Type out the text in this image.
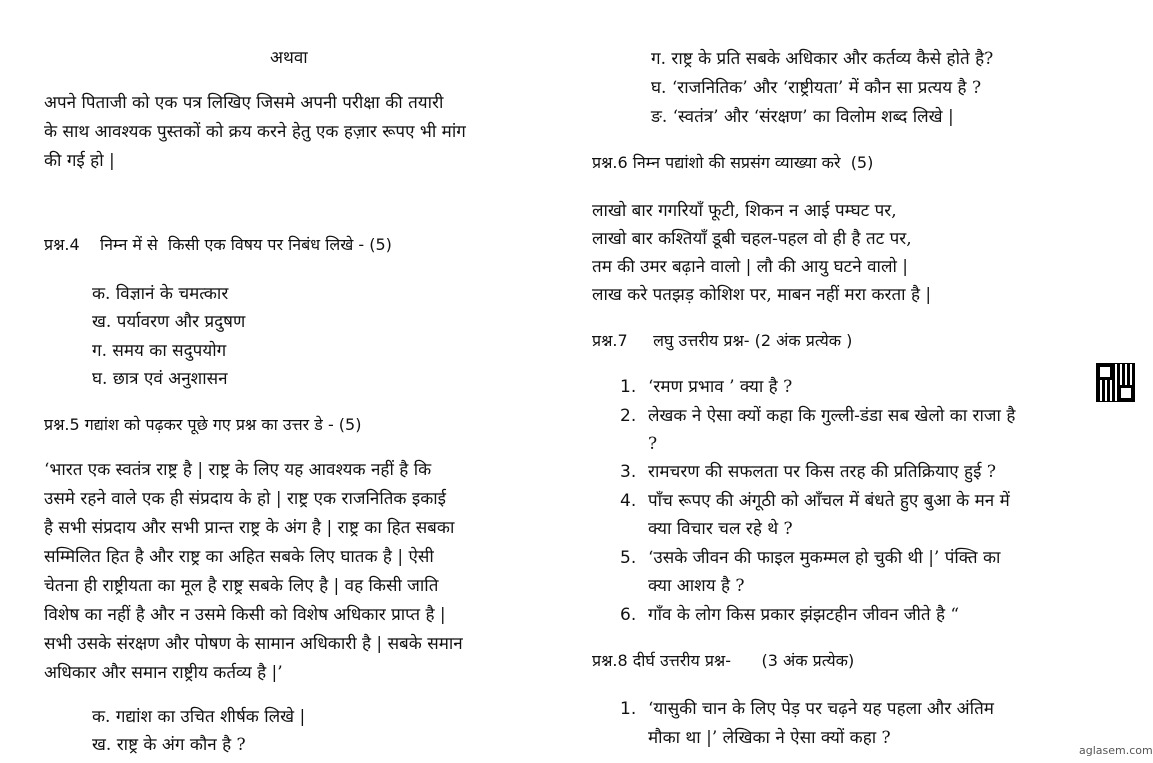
अथवा
अपने पिताजी को एक पत्र लिखिए जिसमे अपनी परीक्षा की तयारी
के साथ आवश्यक पुस्तकों को क्रय करने हेतु एक हज़ार रूपए भी मांग
की गई हो |
प्रश्न.4    निम्न में से  किसी एक विषय पर निबंध लिखे - (5)
क. विज्ञानं के चमत्कार
ख. पर्यावरण और प्रदुषण
ग. समय का सदुपयोग
घ. छात्र एवं अनुशासन
प्रश्न.5 गद्यांश को पढ़कर पूछे गए प्रश्न का उत्तर डे - (5)
‘भारत एक स्वतंत्र राष्ट्र है | राष्ट्र के लिए यह आवश्यक नहीं है कि
उसमे रहने वाले एक ही संप्रदाय के हो | राष्ट्र एक राजनितिक इकाई
है सभी संप्रदाय और सभी प्रान्त राष्ट्र के अंग है | राष्ट्र का हित सबका
सम्मिलित हित है और राष्ट्र का अहित सबके लिए घातक है | ऐसी
चेतना ही राष्ट्रीयता का मूल है राष्ट्र सबके लिए है | वह किसी जाति
विशेष का नहीं है और न उसमे किसी को विशेष अधिकार प्राप्त है |
सभी उसके संरक्षण और पोषण के सामान अधिकारी है | सबके समान
अधिकार और समान राष्ट्रीय कर्तव्य है |’
क. गद्यांश का उचित शीर्षक लिखे |
ख. राष्ट्र के अंग कौन है ?
ग. राष्ट्र के प्रति सबके अधिकार और कर्तव्य कैसे होते है?
घ. ‘राजनितिक’ और ‘राष्ट्रीयता’ में कौन सा प्रत्यय है ?
ङ. ‘स्वतंत्र’ और ‘संरक्षण’ का विलोम शब्द लिखे |
प्रश्न.6 निम्न पद्यांशो की सप्रसंग व्याख्या करे  (5)
लाखो बार गगरियाँ फूटी, शिकन न आई पम्घट पर,
लाखो बार कश्तियाँ डूबी चहल-पहल वो ही है तट पर,
तम की उमर बढ़ाने वालो | लौ की आयु घटने वालो |
लाख करे पतझड़ कोशिश पर, माबन नहीं मरा करता है |
प्रश्न.7     लघु उत्तरीय प्रश्न- (2 अंक प्रत्येक )
1. ‘रमण प्रभाव ’ क्या है ?
2. लेखक ने ऐसा क्यों कहा कि गुल्ली-डंडा सब खेलो का राजा है
?
3. रामचरण की सफलता पर किस तरह की प्रतिक्रियाए हुई ?
4. पाँच रूपए की अंगूठी को आँचल में बंधते हुए बुआ के मन में
क्या विचार चल रहे थे ?
5. ‘उसके जीवन की फाइल मुकम्मल हो चुकी थी |’ पंक्ति का
क्या आशय है ?
6. गाँव के लोग किस प्रकार झंझटहीन जीवन जीते है “
प्रश्न.8 दीर्घ उत्तरीय प्रश्न-      (3 अंक प्रत्येक)
1. ‘यासुकी चान के लिए पेड़ पर चढ़ने यह पहला और अंतिम
मौका था |’ लेखिका ने ऐसा क्यों कहा ?
aglasem.com
